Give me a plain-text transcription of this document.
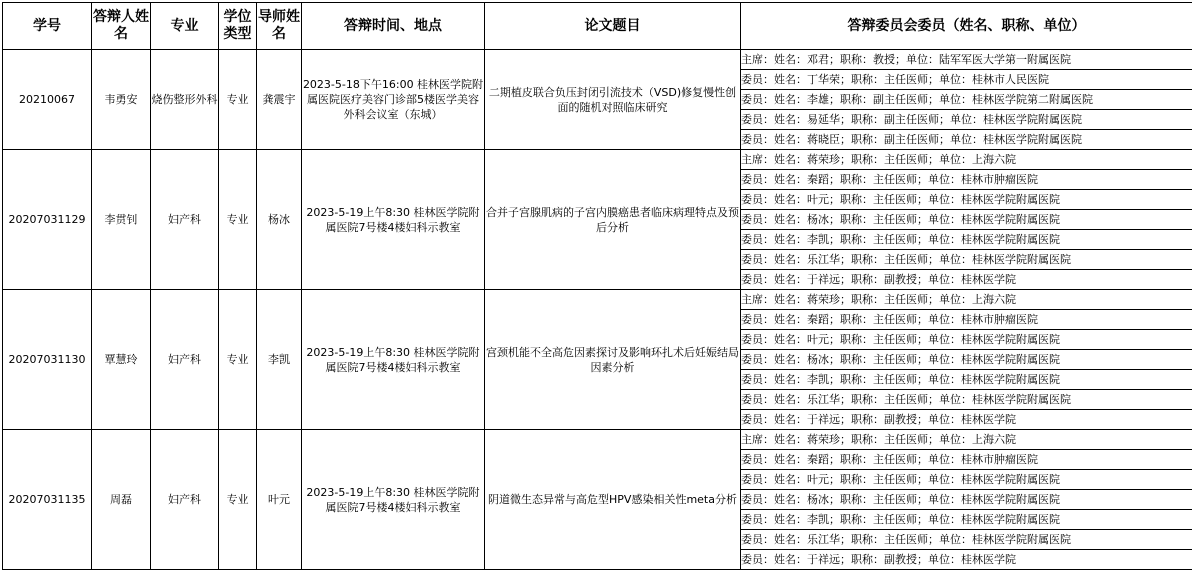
学号	答辩人姓名	专业	学位类型	导师姓名	答辩时间、地点	论文题目	答辩委员会委员（姓名、职称、单位）
20210067	韦勇安	烧伤整形外科	专业	龚震宇	2023-5-18下午16:00 桂林医学院附属医院医疗美容门诊部5楼医学美容外科会议室（东城）	二期植皮联合负压封闭引流技术（VSD)修复慢性创面的随机对照临床研究	主席：姓名：邓君；职称：教授；单位：陆军军医大学第一附属医院
							委员：姓名：丁华荣；职称：主任医师；单位：桂林市人民医院
							委员：姓名：李雄；职称：副主任医师；单位：桂林医学院第二附属医院
							委员：姓名：易延华；职称：副主任医师；单位：桂林医学院附属医院
							委员：姓名：蒋晓臣；职称：副主任医师；单位：桂林医学院附属医院
20207031129	李贯钊	妇产科	专业	杨冰	2023-5-19上午8:30 桂林医学院附属医院7号楼4楼妇科示教室	合并子宫腺肌病的子宫内膜癌患者临床病理特点及预后分析	主席：姓名：蒋荣珍；职称：主任医师；单位：上海六院
							委员：姓名：秦蹈；职称：主任医师；单位：桂林市肿瘤医院
							委员：姓名：叶元；职称：主任医师；单位：桂林医学院附属医院
							委员：姓名：杨冰；职称：主任医师；单位：桂林医学院附属医院
							委员：姓名：李凯；职称：主任医师；单位：桂林医学院附属医院
							委员：姓名：乐江华；职称：主任医师；单位：桂林医学院附属医院
							委员：姓名：于祥远；职称：副教授；单位：桂林医学院
20207031130	覃慧玲	妇产科	专业	李凯	2023-5-19上午8:30 桂林医学院附属医院7号楼4楼妇科示教室	宫颈机能不全高危因素探讨及影响环扎术后妊娠结局因素分析	主席：姓名：蒋荣珍；职称：主任医师；单位：上海六院
							委员：姓名：秦蹈；职称：主任医师；单位：桂林市肿瘤医院
							委员：姓名：叶元；职称：主任医师；单位：桂林医学院附属医院
							委员：姓名：杨冰；职称：主任医师；单位：桂林医学院附属医院
							委员：姓名：李凯；职称：主任医师；单位：桂林医学院附属医院
							委员：姓名：乐江华；职称：主任医师；单位：桂林医学院附属医院
							委员：姓名：于祥远；职称：副教授；单位：桂林医学院
20207031135	周磊	妇产科	专业	叶元	2023-5-19上午8:30 桂林医学院附属医院7号楼4楼妇科示教室	阴道微生态异常与高危型HPV感染相关性meta分析	主席：姓名：蒋荣珍；职称：主任医师；单位：上海六院
							委员：姓名：秦蹈；职称：主任医师；单位：桂林市肿瘤医院
							委员：姓名：叶元；职称：主任医师；单位：桂林医学院附属医院
							委员：姓名：杨冰；职称：主任医师；单位：桂林医学院附属医院
							委员：姓名：李凯；职称：主任医师；单位：桂林医学院附属医院
							委员：姓名：乐江华；职称：主任医师；单位：桂林医学院附属医院
							委员：姓名：于祥远；职称：副教授；单位：桂林医学院
